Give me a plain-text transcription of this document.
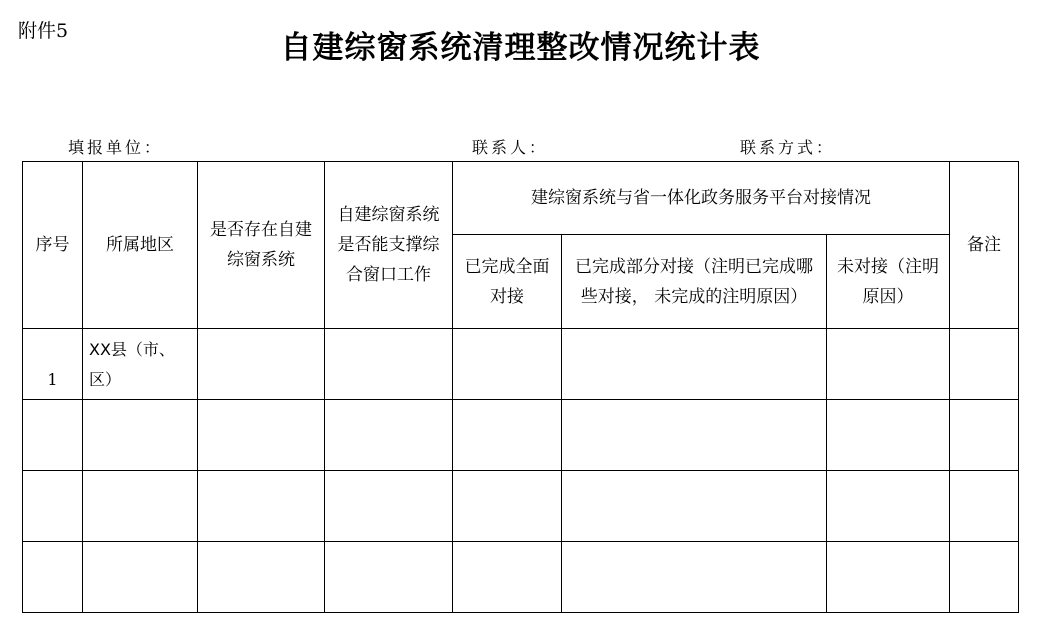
附件5	自建综窗系统清理整改情况统计表
填报单位：	联系人：	联系方式：
序号	所属地区	是否存在自建综窗系统	自建综窗系统是否能支撑综合窗口工作	建综窗系统与省一体化政务服务平台对接情况			备注
				已完成全面对接	已完成部分对接（注明已完成哪些对接， 未完成的注明原因）	未对接（注明原因）	
1	XX县（市、区）						
